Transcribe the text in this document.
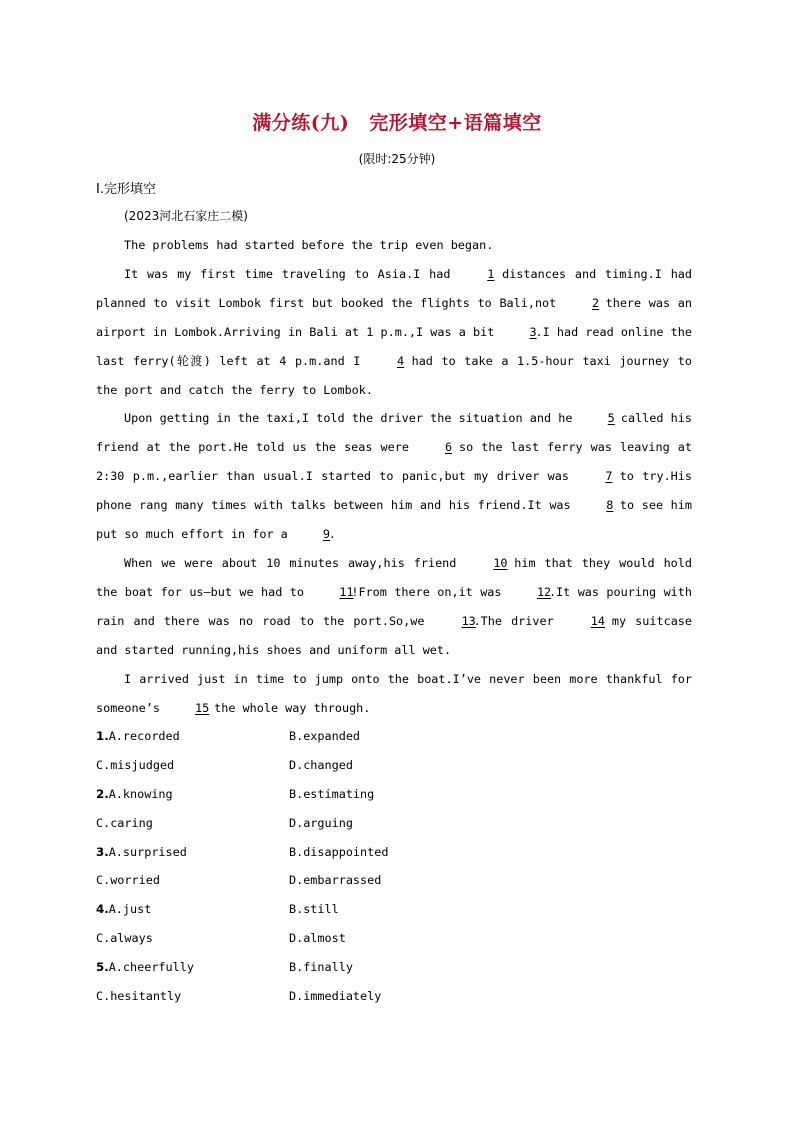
满分练(九) 完形填空+语篇填空
(限时:25分钟)
Ⅰ.完形填空
(2023河北石家庄二模)

The problems had started before the trip even began.

It was my first time traveling to Asia.I had 1 distances and timing.I had planned to visit Lombok first but booked the flights to Bali,not 2 there was an airport in Lombok.Arriving in Bali at 1 p.m.,I was a bit 3.I had read online the last ferry(轮渡) left at 4 p.m.and I 4 had to take a 1.5-hour taxi journey to the port and catch the ferry to Lombok.

Upon getting in the taxi,I told the driver the situation and he 5 called his friend at the port.He told us the seas were 6 so the last ferry was leaving at 2:30 p.m.,earlier than usual.I started to panic,but my driver was 7 to try.His phone rang many times with talks between him and his friend.It was 8 to see him put so much effort in for a 9.

When we were about 10 minutes away,his friend 10 him that they would hold the boat for us—but we had to 11!From there on,it was 12.It was pouring with rain and there was no road to the port.So,we 13.The driver 14 my suitcase and started running,his shoes and uniform all wet.

I arrived just in time to jump onto the boat.I’ve never been more thankful for someone’s 15 the whole way through.

1.A.recorded	B.expanded
C.misjudged	D.changed
2.A.knowing	B.estimating
C.caring	D.arguing
3.A.surprised	B.disappointed
C.worried	D.embarrassed
4.A.just	B.still
C.always	D.almost
5.A.cheerfully	B.finally
C.hesitantly	D.immediately
